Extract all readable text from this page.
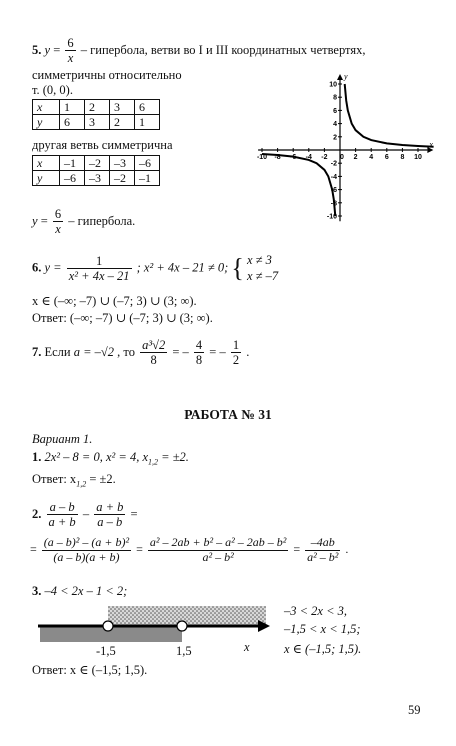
5. $y = \frac{6}{x}$ – гипербола, ветви во I и III координатных четвертях,
симметричны относительно
т. (0, 0).
x	1	2	3	6
y	6	3	2	1
другая ветвь симметрична
x	–1	–2	–3	–6
y	–6	–3	–2	–1
x
y
-10 -8 -6 -4 -2 0 2 4 6 8 10
10
8
6
4
2
-2
-4
-6
-8
-10
$y = \frac{6}{x}$ – гипербола.
6. $y = \frac{1}{\text{x² + 4x – 21}}$ ; x² + 4x – 21 ≠ 0; { x ≠ 3
x ≠ –7
x ∈ (–∞; –7) ∪ (–7; 3) ∪ (3; ∞).
Ответ: (–∞; –7) ∪ (–7; 3) ∪ (3; ∞).
7. Если a = –√2 , то $\frac{\text{a³√2}}{8}$ = – $\frac{4}{8}$ = – $\frac{1}{2}$ .
РАБОТА № 31
Вариант 1.
1. 2x² – 8 = 0, x² = 4, $x_{1,2} = \pm 2$.
Ответ: $x_{1,2} = \pm 2$.
2. $\frac{a - b}{a + b} - \frac{a + b}{a - b}$ =
= $\frac{\text{(a – b)² – (a + b)²}}{(a - b)(a + b)} = \frac{\text{a² – 2ab + b² – a² – 2ab – b²}}{\text{a² – b²}} = \frac{-4ab}{\text{a² – b²}}$ .
3. –4 < 2x – 1 < 2;
-1,5	1,5	x
–3 < 2x < 3,
–1,5 < x < 1,5;
x ∈ (–1,5; 1,5).
Ответ: x ∈ (–1,5; 1,5).
59
